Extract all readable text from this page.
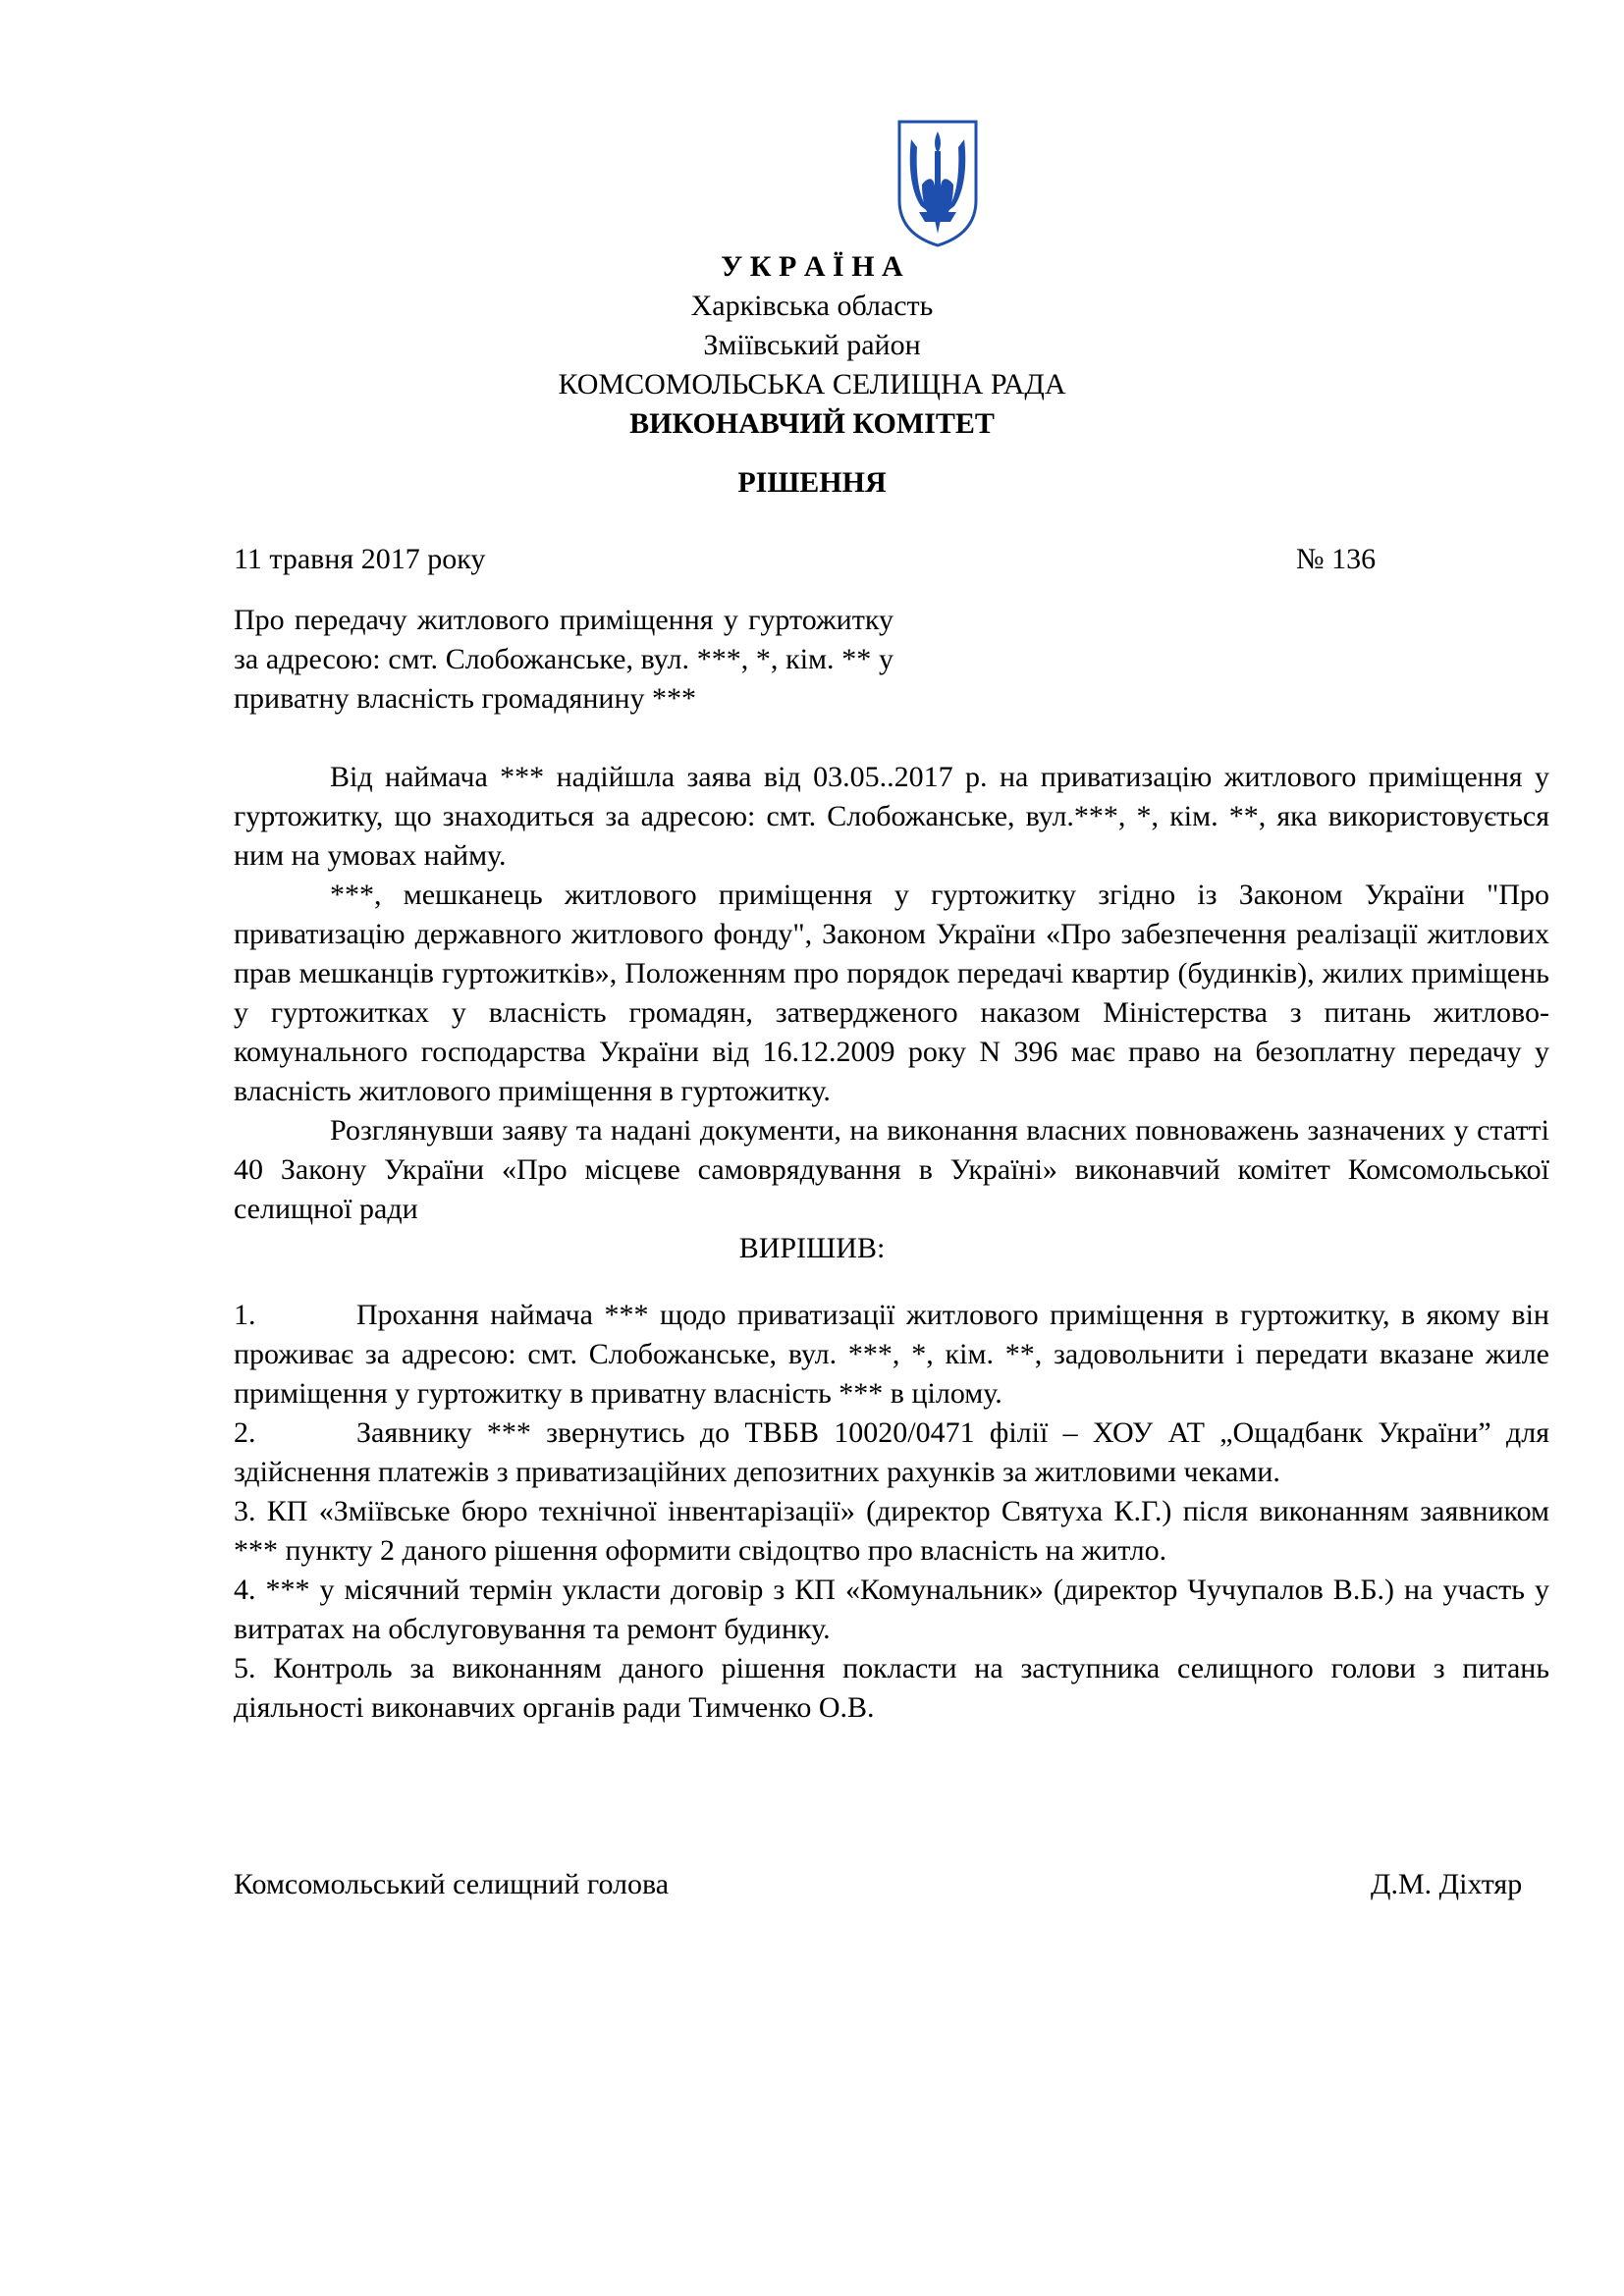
У К Р А Ї Н А
Харківська область
Зміївський район
КОМСОМОЛЬСЬКА СЕЛИЩНА РАДА
ВИКОНАВЧИЙ КОМІТЕТ
РІШЕННЯ
11 травня 2017 року	№ 136
Про передачу житлового приміщення у гуртожитку за адресою: смт. Слобожанське, вул. ***, *, кім. ** у приватну власність громадянину ***

Від наймача *** надійшла заява від 03.05..2017 р. на приватизацію житлового приміщення у гуртожитку, що знаходиться за адресою: смт. Слобожанське, вул.***, *, кім. **, яка використовується ним на умовах найму.

***, мешканець житлового приміщення у гуртожитку згідно із Законом України "Про приватизацію державного житлового фонду", Законом України «Про забезпечення реалізації житлових прав мешканців гуртожитків», Положенням про порядок передачі квартир (будинків), жилих приміщень у гуртожитках у власність громадян, затвердженого наказом Міністерства з питань житлово-комунального господарства України від 16.12.2009 року N 396 має право на безоплатну передачу у власність житлового приміщення в гуртожитку.

Розглянувши заяву та надані документи, на виконання власних повноважень зазначених у статті 40 Закону України «Про місцеве самоврядування в Україні» виконавчий комітет Комсомольської селищної ради

ВИРІШИВ:

1.	Прохання наймача *** щодо приватизації житлового приміщення в гуртожитку, в якому він проживає за адресою: смт. Слобожанське, вул. ***, *, кім. **, задовольнити і передати вказане жиле приміщення у гуртожитку в приватну власність *** в цілому.

2.	Заявнику *** звернутись до ТВБВ 10020/0471 філії – ХОУ АТ „Ощадбанк України” для здійснення платежів з приватизаційних депозитних рахунків за житловими чеками.

3. КП «Зміївське бюро технічної інвентарізації» (директор Святуха К.Г.) після виконанням заявником *** пункту 2 даного рішення оформити свідоцтво про власність на житло.

4. *** у місячний термін укласти договір з КП «Комунальник» (директор Чучупалов В.Б.) на участь у витратах на обслуговування та ремонт будинку.

5. Контроль за виконанням даного рішення покласти на заступника селищного голови з питань діяльності виконавчих органів ради Тимченко О.В.

Комсомольський селищний голова	Д.М. Діхтяр
